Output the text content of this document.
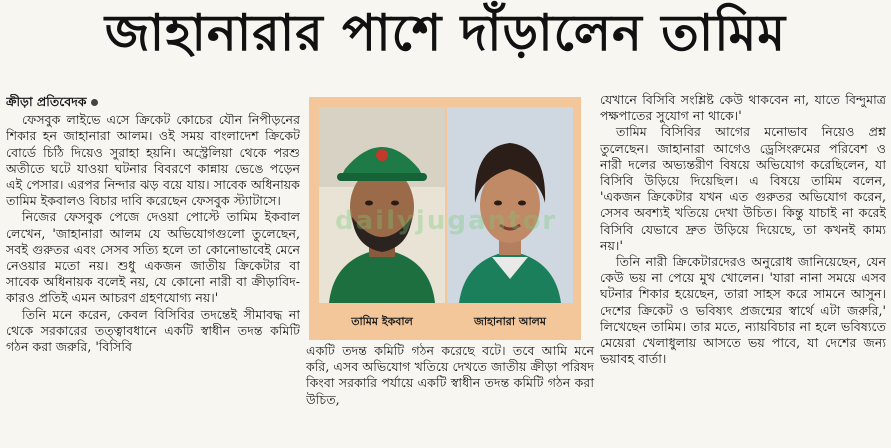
জাহানারার পাশে দাঁড়ালেন তামিম

ক্রীড়া প্রতিবেদক

ফেসবুক লাইভে এসে ক্রিকেট কোচের যৌন নিপীড়নের শিকার হন জাহানারা আলম। ওই সময় বাংলাদেশ ক্রিকেট বোর্ডে চিঠি দিয়েও সুরাহা হয়নি। অস্ট্রেলিয়া থেকে পরশু অতীতে ঘটে যাওয়া ঘটনার বিবরণে কান্নায় ভেঙে পড়েন এই পেসার। এরপর নিন্দার ঝড় বয়ে যায়। সাবেক অধিনায়ক তামিম ইকবালও বিচার দাবি করেছেন ফেসবুক স্ট্যাটাসে।

নিজের ফেসবুক পেজে দেওয়া পোস্টে তামিম ইকবাল লেখেন, 'জাহানারা আলম যে অভিযোগগুলো তুলেছেন, সবই গুরুতর এবং সেসব সত্যি হলে তা কোনোভাবেই মেনে নেওয়ার মতো নয়। শুধু একজন জাতীয় ক্রিকেটার বা সাবেক অধিনায়ক বলেই নয়, যে কোনো নারী বা ক্রীড়াবিদ- কারও প্রতিই এমন আচরণ গ্রহণযোগ্য নয়।'

তিনি মনে করেন, কেবল বিসিবির তদন্তেই সীমাবদ্ধ না থেকে সরকারের তত্ত্বাবধানে একটি স্বাধীন তদন্ত কমিটি গঠন করা জরুরি, 'বিসিবি

তামিম ইকবাল	জাহানারা আলম
dailyjugantor

একটি তদন্ত কমিটি গঠন করেছে বটে। তবে আমি মনে করি, এসব অভিযোগ খতিয়ে দেখতে জাতীয় ক্রীড়া পরিষদ কিংবা সরকারি পর্যায়ে একটি স্বাধীন তদন্ত কমিটি গঠন করা উচিত,

যেখানে বিসিবি সংশ্লিষ্ট কেউ থাকবেন না, যাতে বিন্দুমাত্র পক্ষপাতের সুযোগ না থাকে।'

তামিম বিসিবির আগের মনোভাব নিয়েও প্রশ্ন তুলেছেন। জাহানারা আগেও ড্রেসিংরুমের পরিবেশ ও নারী দলের অভ্যন্তরীণ বিষয়ে অভিযোগ করেছিলেন, যা বিসিবি উড়িয়ে দিয়েছিল। এ বিষয়ে তামিম বলেন, 'একজন ক্রিকেটার যখন এত গুরুতর অভিযোগ করেন, সেসব অবশ্যই খতিয়ে দেখা উচিত। কিন্তু যাচাই না করেই বিসিবি যেভাবে দ্রুত উড়িয়ে দিয়েছে, তা কখনই কাম্য নয়।'

তিনি নারী ক্রিকেটারদেরও অনুরোধ জানিয়েছেন, যেন কেউ ভয় না পেয়ে মুখ খোলেন। 'যারা নানা সময়ে এসব ঘটনার শিকার হয়েছেন, তারা সাহস করে সামনে আসুন। দেশের ক্রিকেট ও ভবিষ্যৎ প্রজন্মের স্বার্থে এটা জরুরি,' লিখেছেন তামিম। তার মতে, ন্যায়বিচার না হলে ভবিষ্যতে মেয়েরা খেলাধুলায় আসতে ভয় পাবে, যা দেশের জন্য ভয়াবহ বার্তা।
